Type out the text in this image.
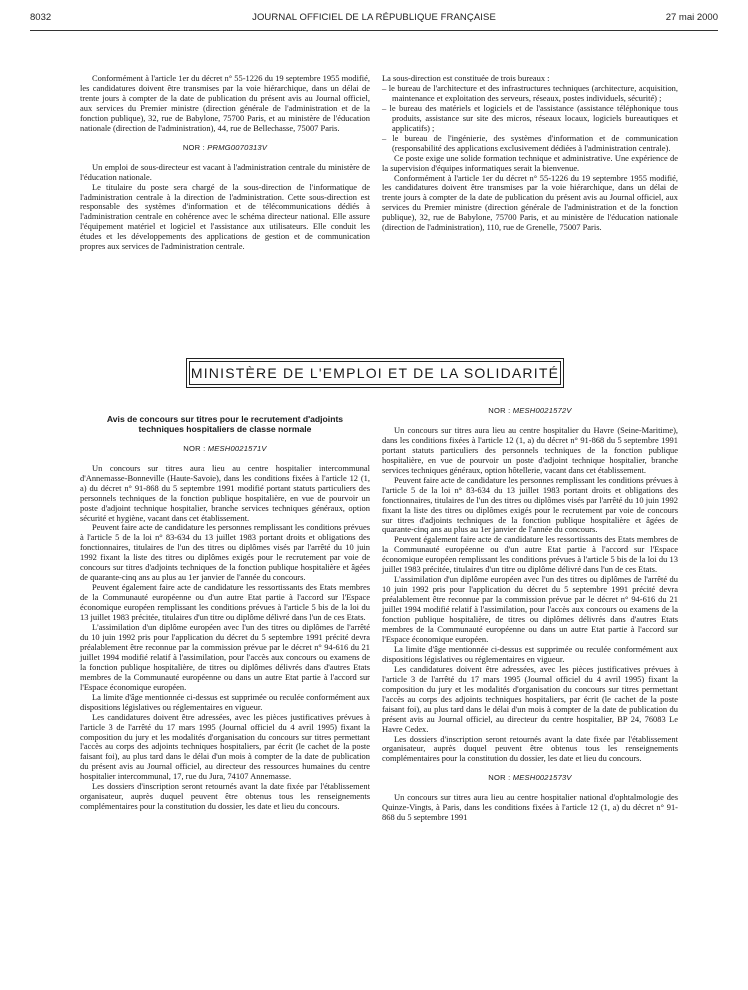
8032	JOURNAL OFFICIEL DE LA RÉPUBLIQUE FRANÇAISE	27 mai 2000

Conformément à l'article 1er du décret n° 55-1226 du 19 septembre 1955 modifié, les candidatures doivent être transmises par la voie hiérarchique, dans un délai de trente jours à compter de la date de publication du présent avis au Journal officiel, aux services du Premier ministre (direction générale de l'administration et de la fonction publique), 32, rue de Babylone, 75700 Paris, et au ministère de l'éducation nationale (direction de l'administration), 44, rue de Bellechasse, 75007 Paris.

NOR : PRMG0070313V

Un emploi de sous-directeur est vacant à l'administration centrale du ministère de l'éducation nationale.

Le titulaire du poste sera chargé de la sous-direction de l'informatique de l'administration centrale à la direction de l'administration. Cette sous-direction est responsable des systèmes d'information et de télécommunications dédiés à l'administration centrale en cohérence avec le schéma directeur national. Elle assure l'équipement matériel et logiciel et l'assistance aux utilisateurs. Elle conduit les études et les développements des applications de gestion et de communication propres aux services de l'administration centrale.

La sous-direction est constituée de trois bureaux :

– le bureau de l'architecture et des infrastructures techniques (architecture, acquisition, maintenance et exploitation des serveurs, réseaux, postes individuels, sécurité) ;
– le bureau des matériels et logiciels et de l'assistance (assistance téléphonique tous produits, assistance sur site des micros, réseaux locaux, logiciels bureautiques et applicatifs) ;
– le bureau de l'ingénierie, des systèmes d'information et de communication (responsabilité des applications exclusivement dédiées à l'administration centrale).

Ce poste exige une solide formation technique et administrative. Une expérience de la supervision d'équipes informatiques serait la bienvenue.

Conformément à l'article 1er du décret n° 55-1226 du 19 septembre 1955 modifié, les candidatures doivent être transmises par la voie hiérarchique, dans un délai de trente jours à compter de la date de publication du présent avis au Journal officiel, aux services du Premier ministre (direction générale de l'administration et de la fonction publique), 32, rue de Babylone, 75700 Paris, et au ministère de l'éducation nationale (direction de l'administration), 110, rue de Grenelle, 75007 Paris.

MINISTÈRE DE L'EMPLOI ET DE LA SOLIDARITÉ
Avis de concours sur titres pour le recrutement d'adjoints techniques hospitaliers de classe normale
NOR : MESH0021571V

Un concours sur titres aura lieu au centre hospitalier intercommunal d'Annemasse-Bonneville (Haute-Savoie), dans les conditions fixées à l'article 12 (1, a) du décret n° 91-868 du 5 septembre 1991 modifié portant statuts particuliers des personnels techniques de la fonction publique hospitalière, en vue de pourvoir un poste d'adjoint technique hospitalier, branche services techniques généraux, option sécurité et hygiène, vacant dans cet établissement.

Peuvent faire acte de candidature les personnes remplissant les conditions prévues à l'article 5 de la loi n° 83-634 du 13 juillet 1983 portant droits et obligations des fonctionnaires, titulaires de l'un des titres ou diplômes visés par l'arrêté du 10 juin 1992 fixant la liste des titres ou diplômes exigés pour le recrutement par voie de concours sur titres d'adjoints techniques de la fonction publique hospitalière et âgées de quarante-cinq ans au plus au 1er janvier de l'année du concours.

Peuvent également faire acte de candidature les ressortissants des Etats membres de la Communauté européenne ou d'un autre Etat partie à l'accord sur l'Espace économique européen remplissant les conditions prévues à l'article 5 bis de la loi du 13 juillet 1983 précitée, titulaires d'un titre ou diplôme délivré dans l'un de ces Etats.

L'assimilation d'un diplôme européen avec l'un des titres ou diplômes de l'arrêté du 10 juin 1992 pris pour l'application du décret du 5 septembre 1991 précité devra préalablement être reconnue par la commission prévue par le décret n° 94-616 du 21 juillet 1994 modifié relatif à l'assimilation, pour l'accès aux concours ou examens de la fonction publique hospitalière, de titres ou diplômes délivrés dans d'autres Etats membres de la Communauté européenne ou dans un autre Etat partie à l'accord sur l'Espace économique européen.

La limite d'âge mentionnée ci-dessus est supprimée ou reculée conformément aux dispositions législatives ou réglementaires en vigueur.

Les candidatures doivent être adressées, avec les pièces justificatives prévues à l'article 3 de l'arrêté du 17 mars 1995 (Journal officiel du 4 avril 1995) fixant la composition du jury et les modalités d'organisation du concours sur titres permettant l'accès au corps des adjoints techniques hospitaliers, par écrit (le cachet de la poste faisant foi), au plus tard dans le délai d'un mois à compter de la date de publication du présent avis au Journal officiel, au directeur des ressources humaines du centre hospitalier intercommunal, 17, rue du Jura, 74107 Annemasse.

Les dossiers d'inscription seront retournés avant la date fixée par l'établissement organisateur, auprès duquel peuvent être obtenus tous les renseignements complémentaires pour la constitution du dossier, les date et lieu du concours.

NOR : MESH0021572V

Un concours sur titres aura lieu au centre hospitalier du Havre (Seine-Maritime), dans les conditions fixées à l'article 12 (1, a) du décret n° 91-868 du 5 septembre 1991 portant statuts particuliers des personnels techniques de la fonction publique hospitalière, en vue de pourvoir un poste d'adjoint technique hospitalier, branche services techniques généraux, option hôtellerie, vacant dans cet établissement.

Peuvent faire acte de candidature les personnes remplissant les conditions prévues à l'article 5 de la loi n° 83-634 du 13 juillet 1983 portant droits et obligations des fonctionnaires, titulaires de l'un des titres ou diplômes visés par l'arrêté du 10 juin 1992 fixant la liste des titres ou diplômes exigés pour le recrutement par voie de concours sur titres d'adjoints techniques de la fonction publique hospitalière et âgées de quarante-cinq ans au plus au 1er janvier de l'année du concours.

Peuvent également faire acte de candidature les ressortissants des Etats membres de la Communauté européenne ou d'un autre Etat partie à l'accord sur l'Espace économique européen remplissant les conditions prévues à l'article 5 bis de la loi du 13 juillet 1983 précitée, titulaires d'un titre ou diplôme délivré dans l'un de ces Etats.

L'assimilation d'un diplôme européen avec l'un des titres ou diplômes de l'arrêté du 10 juin 1992 pris pour l'application du décret du 5 septembre 1991 précité devra préalablement être reconnue par la commission prévue par le décret n° 94-616 du 21 juillet 1994 modifié relatif à l'assimilation, pour l'accès aux concours ou examens de la fonction publique hospitalière, de titres ou diplômes délivrés dans d'autres Etats membres de la Communauté européenne ou dans un autre Etat partie à l'accord sur l'Espace économique européen.

La limite d'âge mentionnée ci-dessus est supprimée ou reculée conformément aux dispositions législatives ou réglementaires en vigueur.

Les candidatures doivent être adressées, avec les pièces justificatives prévues à l'article 3 de l'arrêté du 17 mars 1995 (Journal officiel du 4 avril 1995) fixant la composition du jury et les modalités d'organisation du concours sur titres permettant l'accès au corps des adjoints techniques hospitaliers, par écrit (le cachet de la poste faisant foi), au plus tard dans le délai d'un mois à compter de la date de publication du présent avis au Journal officiel, au directeur du centre hospitalier, BP 24, 76083 Le Havre Cedex.

Les dossiers d'inscription seront retournés avant la date fixée par l'établissement organisateur, auprès duquel peuvent être obtenus tous les renseignements complémentaires pour la constitution du dossier, les date et lieu du concours.

NOR : MESH0021573V

Un concours sur titres aura lieu au centre hospitalier national d'ophtalmologie des Quinze-Vingts, à Paris, dans les conditions fixées à l'article 12 (1, a) du décret n° 91-868 du 5 septembre 1991
